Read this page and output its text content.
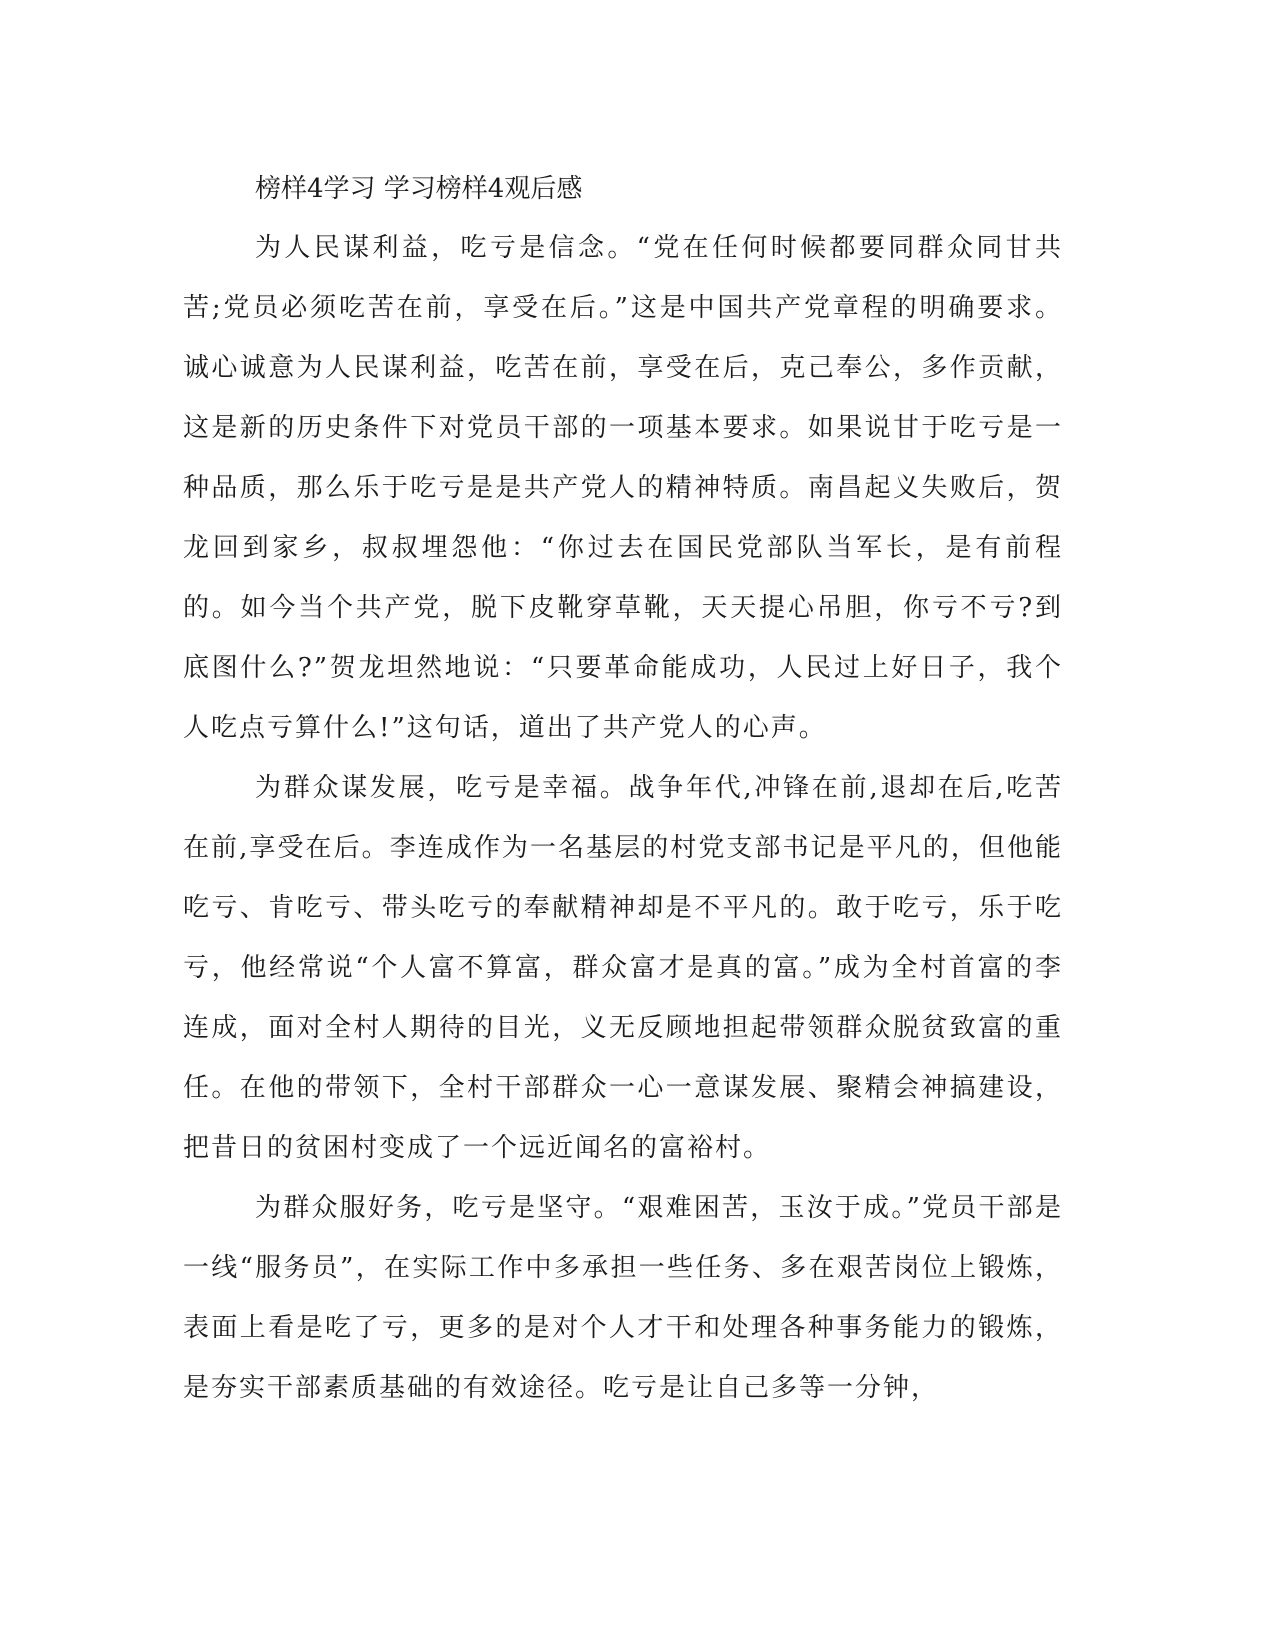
榜样4学习 学习榜样4观后感

为人民谋利益，吃亏是信念。“党在任何时候都要同群众同甘共苦;党员必须吃苦在前，享受在后。”这是中国共产党章程的明确要求。诚心诚意为人民谋利益，吃苦在前，享受在后，克己奉公，多作贡献，这是新的历史条件下对党员干部的一项基本要求。如果说甘于吃亏是一种品质，那么乐于吃亏是是共产党人的精神特质。南昌起义失败后，贺龙回到家乡，叔叔埋怨他：“你过去在国民党部队当军长，是有前程的。如今当个共产党，脱下皮靴穿草靴，天天提心吊胆，你亏不亏?到底图什么?”贺龙坦然地说：“只要革命能成功，人民过上好日子，我个人吃点亏算什么!”这句话，道出了共产党人的心声。

为群众谋发展，吃亏是幸福。战争年代,冲锋在前,退却在后,吃苦在前,享受在后。李连成作为一名基层的村党支部书记是平凡的，但他能吃亏、肯吃亏、带头吃亏的奉献精神却是不平凡的。敢于吃亏，乐于吃亏，他经常说“个人富不算富，群众富才是真的富。”成为全村首富的李连成，面对全村人期待的目光，义无反顾地担起带领群众脱贫致富的重任。在他的带领下，全村干部群众一心一意谋发展、聚精会神搞建设，把昔日的贫困村变成了一个远近闻名的富裕村。

为群众服好务，吃亏是坚守。“艰难困苦，玉汝于成。”党员干部是一线“服务员”，在实际工作中多承担一些任务、多在艰苦岗位上锻炼，表面上看是吃了亏，更多的是对个人才干和处理各种事务能力的锻炼，是夯实干部素质基础的有效途径。吃亏是让自己多等一分钟，
